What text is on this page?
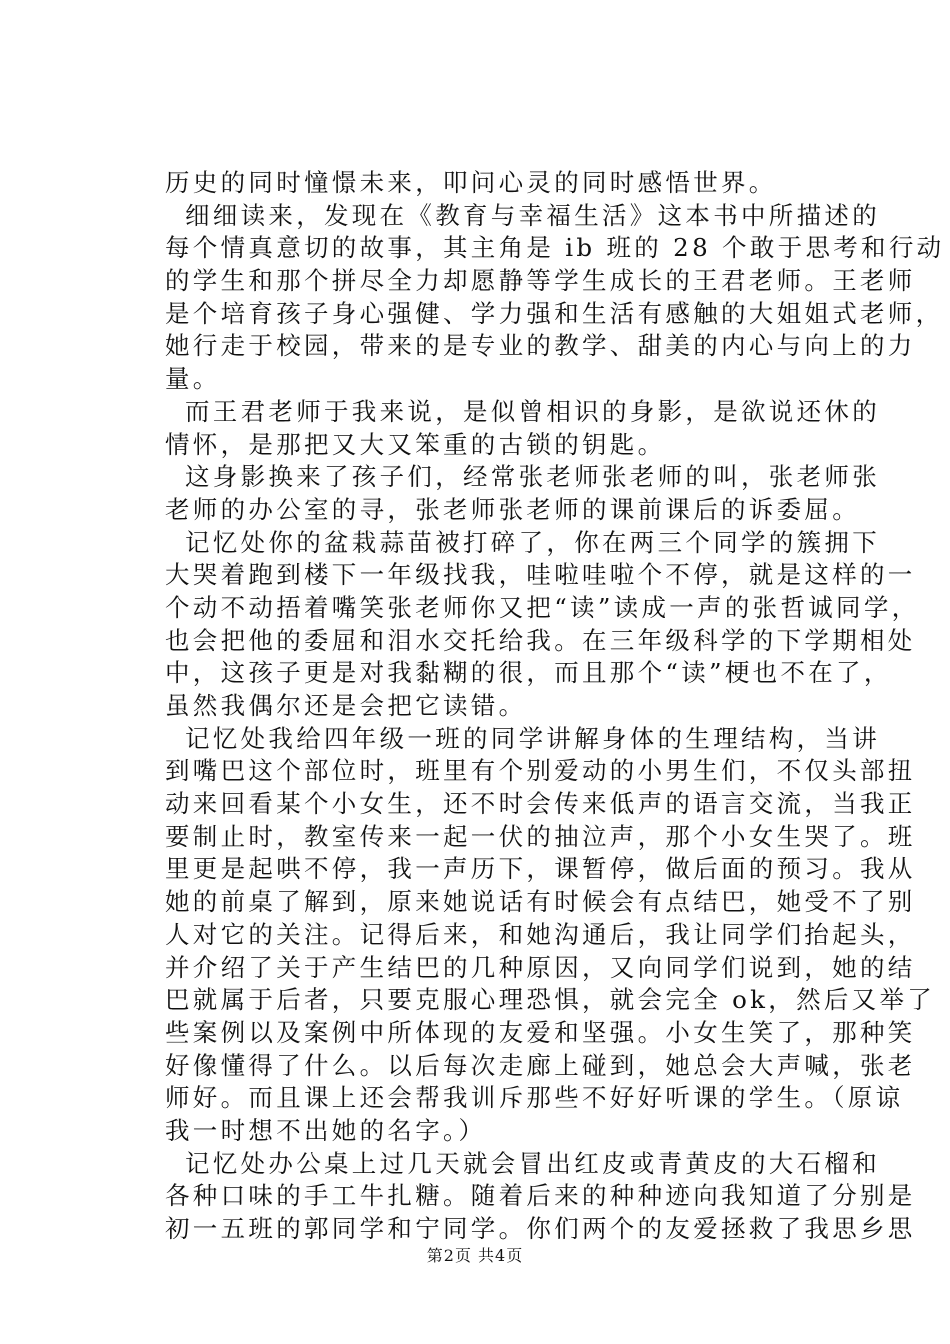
历史的同时憧憬未来，叩问心灵的同时感悟世界。
细细读来，发现在《教育与幸福生活》这本书中所描述的
每个情真意切的故事，其主角是 ib 班的 28 个敢于思考和行动
的学生和那个拼尽全力却愿静等学生成长的王君老师。王老师
是个培育孩子身心强健、学力强和生活有感触的大姐姐式老师，
她行走于校园，带来的是专业的教学、甜美的内心与向上的力
量。
而王君老师于我来说，是似曾相识的身影，是欲说还休的
情怀，是那把又大又笨重的古锁的钥匙。
这身影换来了孩子们，经常张老师张老师的叫，张老师张
老师的办公室的寻，张老师张老师的课前课后的诉委屈。
记忆处你的盆栽蒜苗被打碎了，你在两三个同学的簇拥下
大哭着跑到楼下一年级找我，哇啦哇啦个不停，就是这样的一
个动不动捂着嘴笑张老师你又把“读”读成一声的张哲诚同学，
也会把他的委屈和泪水交托给我。在三年级科学的下学期相处
中，这孩子更是对我黏糊的很，而且那个“读”梗也不在了，
虽然我偶尔还是会把它读错。
记忆处我给四年级一班的同学讲解身体的生理结构，当讲
到嘴巴这个部位时，班里有个别爱动的小男生们，不仅头部扭
动来回看某个小女生，还不时会传来低声的语言交流，当我正
要制止时，教室传来一起一伏的抽泣声，那个小女生哭了。班
里更是起哄不停，我一声历下，课暂停，做后面的预习。我从
她的前桌了解到，原来她说话有时候会有点结巴，她受不了别
人对它的关注。记得后来，和她沟通后，我让同学们抬起头，
并介绍了关于产生结巴的几种原因，又向同学们说到，她的结
巴就属于后者，只要克服心理恐惧，就会完全 ok，然后又举了
些案例以及案例中所体现的友爱和坚强。小女生笑了，那种笑
好像懂得了什么。以后每次走廊上碰到，她总会大声喊，张老
师好。而且课上还会帮我训斥那些不好好听课的学生。（原谅
我一时想不出她的名字。）
记忆处办公桌上过几天就会冒出红皮或青黄皮的大石榴和
各种口味的手工牛扎糖。随着后来的种种迹向我知道了分别是
初一五班的郭同学和宁同学。你们两个的友爱拯救了我思乡思
第2页 共4页
